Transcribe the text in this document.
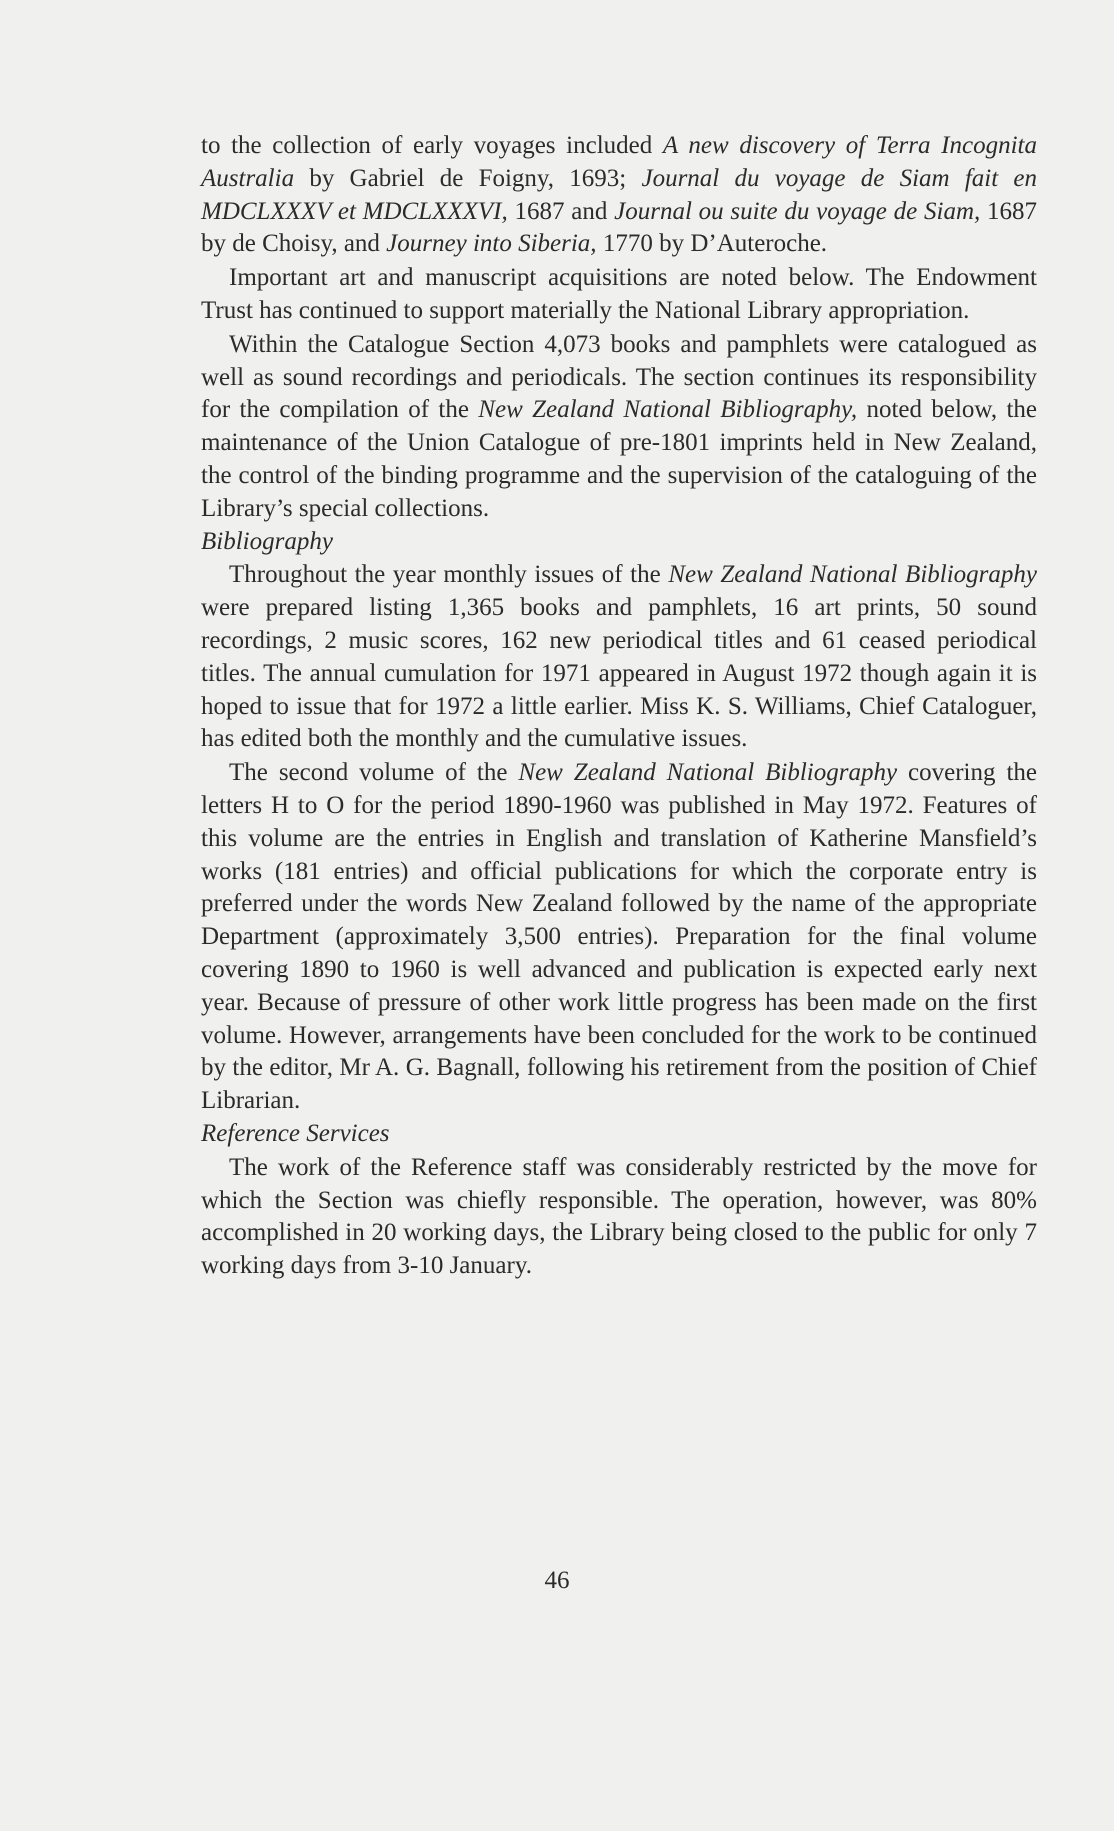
to the collection of early voyages included A new discovery of Terra Incognita Australia by Gabriel de Foigny, 1693; Journal du voyage de Siam fait en MDCLXXXV et MDCLXXXVI, 1687 and Journal ou suite du voyage de Siam, 1687 by de Choisy, and Journey into Siberia, 1770 by D’Auteroche.

Important art and manuscript acquisitions are noted below. The Endowment Trust has continued to support materially the National Library appropriation.

Within the Catalogue Section 4,073 books and pamphlets were catalogued as well as sound recordings and periodicals. The section continues its responsibility for the compilation of the New Zealand National Bibliography, noted below, the maintenance of the Union Catalogue of pre-1801 imprints held in New Zealand, the control of the binding programme and the supervision of the cataloguing of the Library’s special collections.

Bibliography

Throughout the year monthly issues of the New Zealand National Bibliography were prepared listing 1,365 books and pamphlets, 16 art prints, 50 sound recordings, 2 music scores, 162 new periodical titles and 61 ceased periodical titles. The annual cumulation for 1971 appeared in August 1972 though again it is hoped to issue that for 1972 a little earlier. Miss K. S. Williams, Chief Cataloguer, has edited both the monthly and the cumulative issues.

The second volume of the New Zealand National Bibliography covering the letters H to O for the period 1890-1960 was published in May 1972. Features of this volume are the entries in English and translation of Katherine Mansfield’s works (181 entries) and official publications for which the corporate entry is preferred under the words New Zealand followed by the name of the appropriate Department (approximately 3,500 entries). Preparation for the final volume covering 1890 to 1960 is well advanced and publication is expected early next year. Because of pressure of other work little progress has been made on the first volume. However, arrangements have been concluded for the work to be continued by the editor, Mr A. G. Bagnall, following his retirement from the position of Chief Librarian.

Reference Services

The work of the Reference staff was considerably restricted by the move for which the Section was chiefly responsible. The operation, however, was 80% accomplished in 20 working days, the Library being closed to the public for only 7 working days from 3-10 January.

46
